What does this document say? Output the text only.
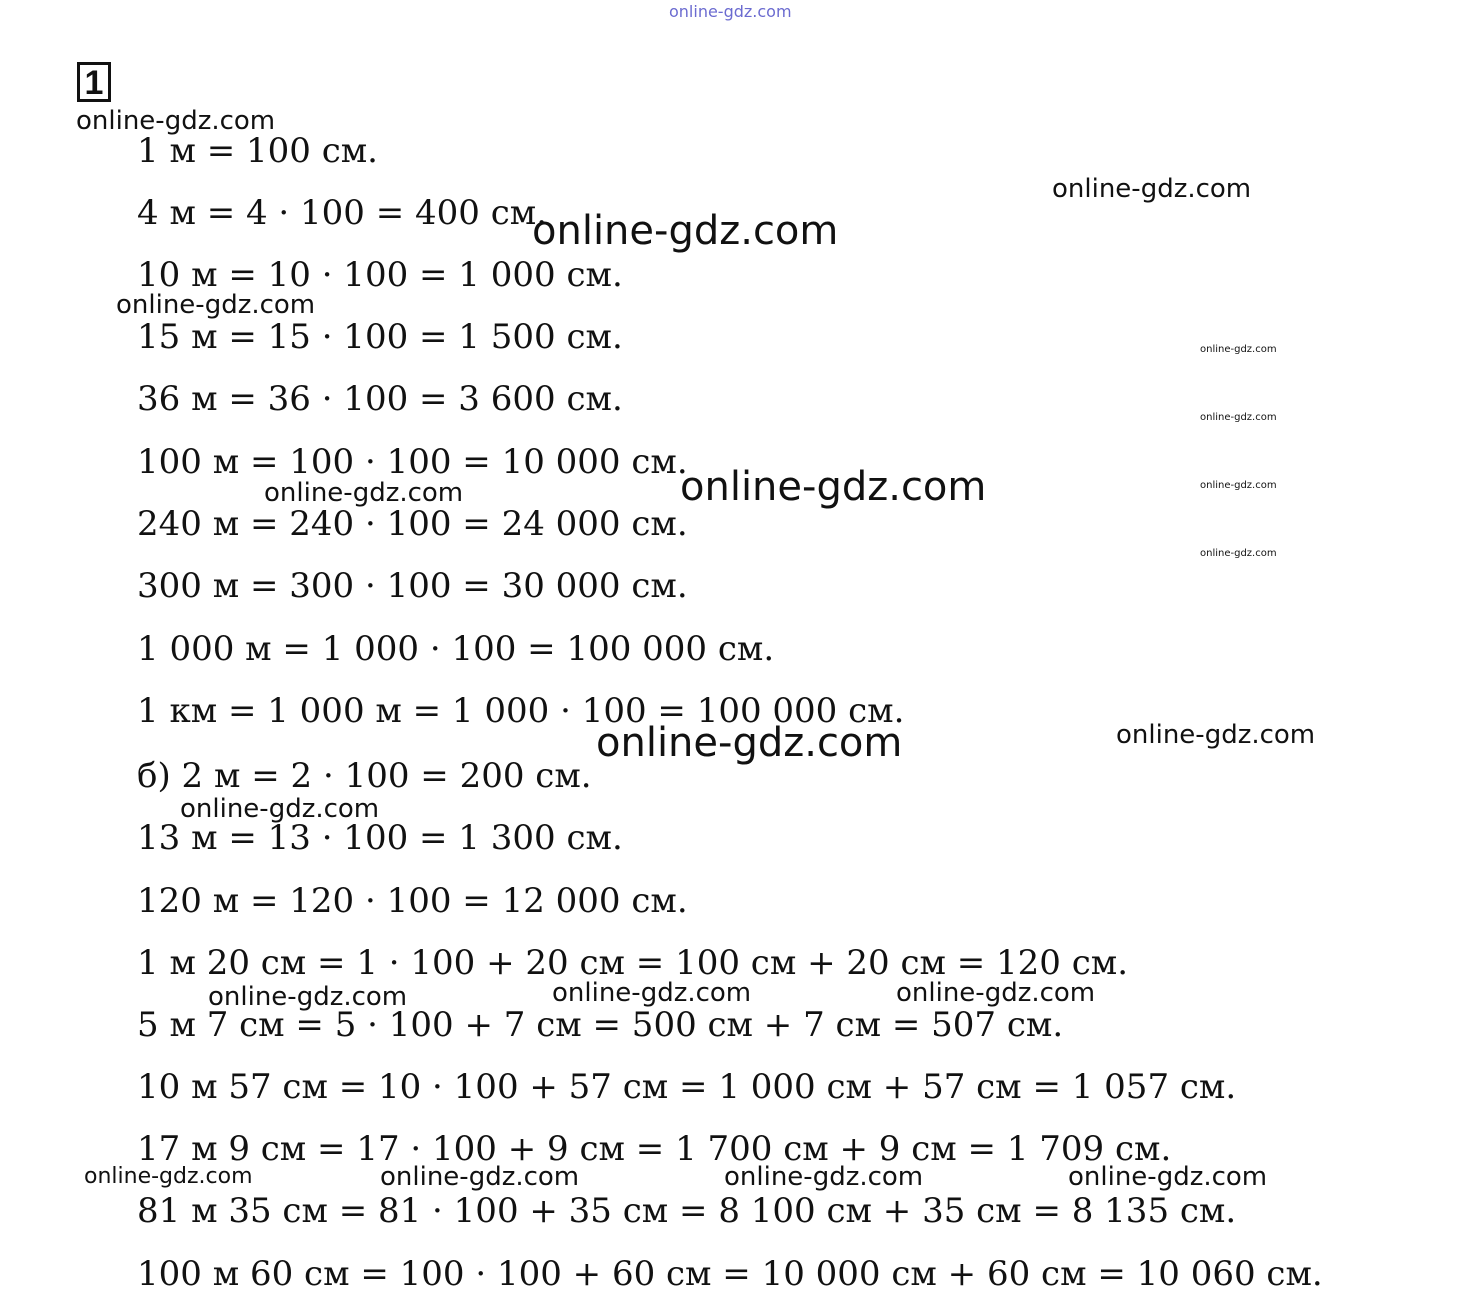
online-gdz.com
1
1 м = 100 см.
4 м = 4 · 100 = 400 см.
10 м = 10 · 100 = 1 000 см.
15 м = 15 · 100 = 1 500 см.
36 м = 36 · 100 = 3 600 см.
100 м = 100 · 100 = 10 000 см.
240 м = 240 · 100 = 24 000 см.
300 м = 300 · 100 = 30 000 см.
1 000 м = 1 000 · 100 = 100 000 см.
1 км = 1 000 м = 1 000 · 100 = 100 000 см.
б) 2 м = 2 · 100 = 200 см.
13 м = 13 · 100 = 1 300 см.
120 м = 120 · 100 = 12 000 см.
1 м 20 см = 1 · 100 + 20 см = 100 см + 20 см = 120 см.
5 м 7 см = 5 · 100 + 7 см = 500 см + 7 см = 507 см.
10 м 57 см = 10 · 100 + 57 см = 1 000 см + 57 см = 1 057 см.
17 м 9 см = 17 · 100 + 9 см = 1 700 см + 9 см = 1 709 см.
81 м 35 см = 81 · 100 + 35 см = 8 100 см + 35 см = 8 135 см.
100 м 60 см = 100 · 100 + 60 см = 10 000 см + 60 см = 10 060 см.
online-gdz.com
online-gdz.com
online-gdz.com
online-gdz.com
online-gdz.com
online-gdz.com
online-gdz.com	online-gdz.com
online-gdz.com
online-gdz.com
online-gdz.com
online-gdz.com
online-gdz.com
online-gdz.com	online-gdz.com	online-gdz.com
online-gdz.com	online-gdz.com	online-gdz.com	online-gdz.com
